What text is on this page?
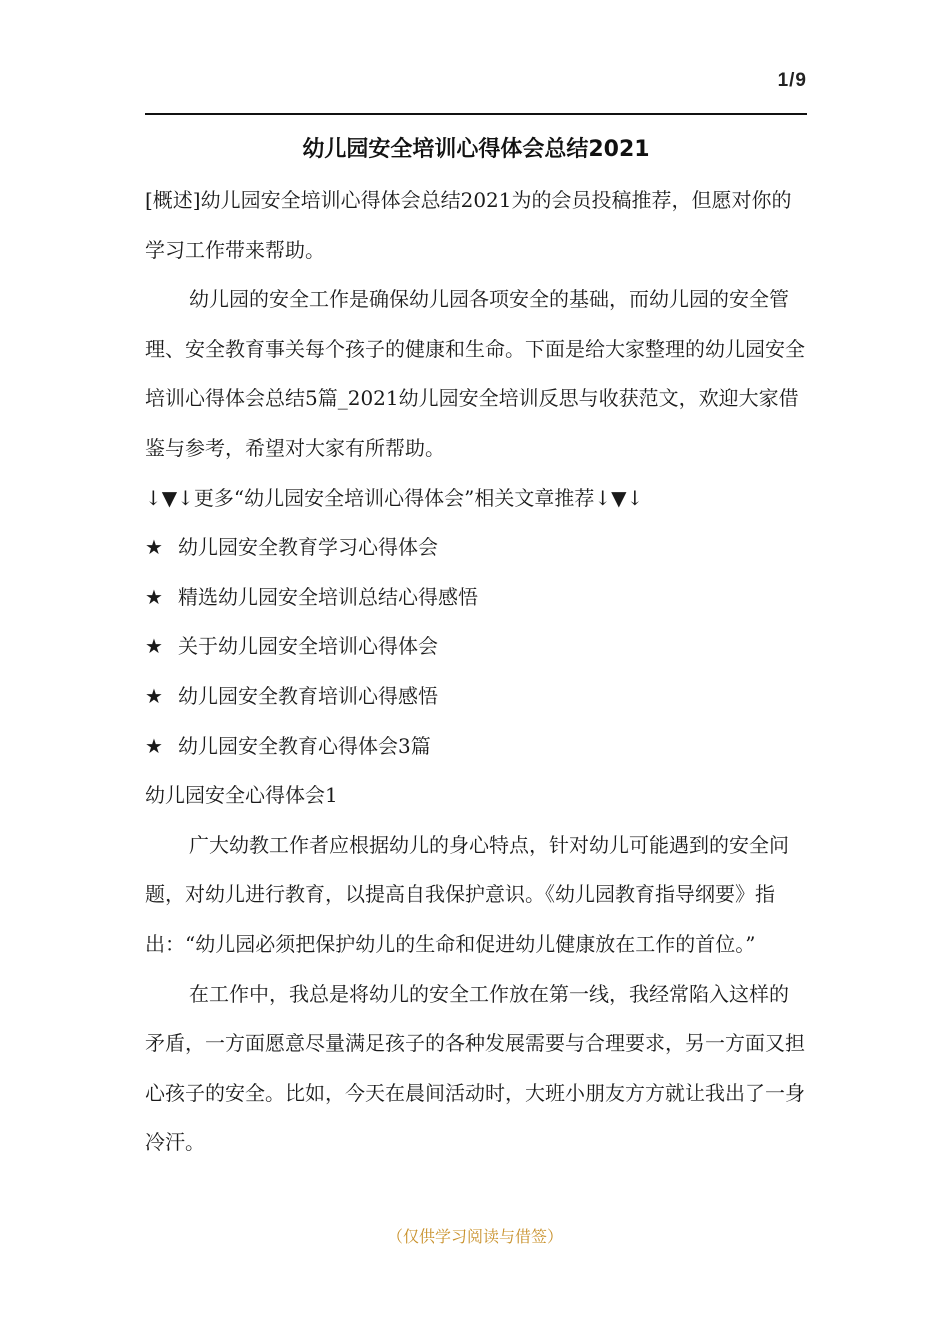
1/9
幼儿园安全培训心得体会总结2021

[概述]幼儿园安全培训心得体会总结2021为的会员投稿推荐，但愿对你的学习工作带来帮助。

幼儿园的安全工作是确保幼儿园各项安全的基础，而幼儿园的安全管理、安全教育事关每个孩子的健康和生命。下面是给大家整理的幼儿园安全培训心得体会总结5篇_2021幼儿园安全培训反思与收获范文，欢迎大家借鉴与参考，希望对大家有所帮助。

↓▼↓更多“幼儿园安全培训心得体会”相关文章推荐↓▼↓

★ 幼儿园安全教育学习心得体会

★ 精选幼儿园安全培训总结心得感悟

★ 关于幼儿园安全培训心得体会

★ 幼儿园安全教育培训心得感悟

★ 幼儿园安全教育心得体会3篇

幼儿园安全心得体会1

广大幼教工作者应根据幼儿的身心特点，针对幼儿可能遇到的安全问题，对幼儿进行教育，以提高自我保护意识。《幼儿园教育指导纲要》指出：“幼儿园必须把保护幼儿的生命和促进幼儿健康放在工作的首位。”

在工作中，我总是将幼儿的安全工作放在第一线，我经常陷入这样的矛盾，一方面愿意尽量满足孩子的各种发展需要与合理要求，另一方面又担心孩子的安全。比如，今天在晨间活动时，大班小朋友方方就让我出了一身冷汗。

（仅供学习阅读与借签）
